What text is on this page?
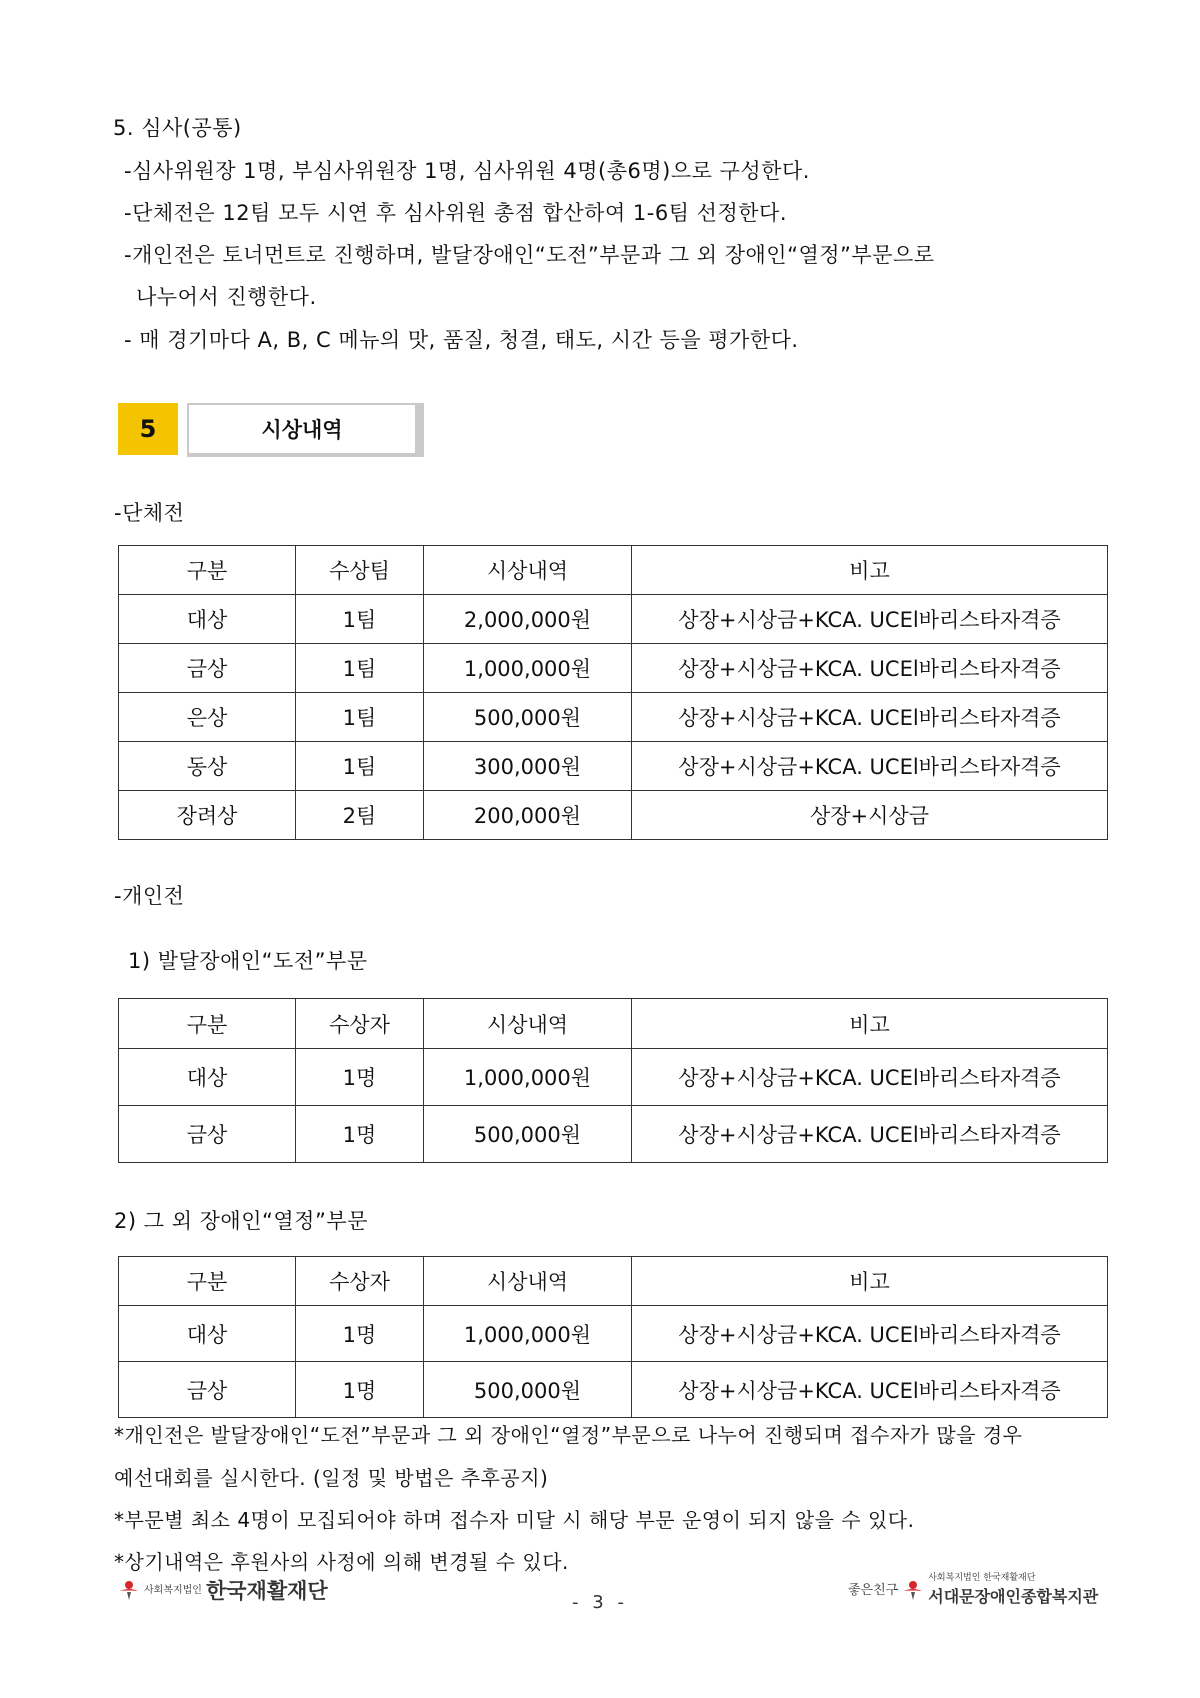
5. 심사(공통)
-심사위원장 1명, 부심사위원장 1명, 심사위원 4명(총6명)으로 구성한다.
-단체전은 12팀 모두 시연 후 심사위원 총점 합산하여 1-6팀 선정한다.
-개인전은 토너먼트로 진행하며, 발달장애인“도전”부문과 그 외 장애인“열정”부문으로
나누어서 진행한다.
- 매 경기마다 A, B, C 메뉴의 맛, 품질, 청결, 태도, 시간 등을 평가한다.
5	시상내역
-단체전
구분	수상팀	시상내역	비고
대상	1팀	2,000,000원	상장+시상금+KCA. UCEl바리스타자격증
금상	1팀	1,000,000원	상장+시상금+KCA. UCEl바리스타자격증
은상	1팀	500,000원	상장+시상금+KCA. UCEl바리스타자격증
동상	1팀	300,000원	상장+시상금+KCA. UCEl바리스타자격증
장려상	2팀	200,000원	상장+시상금
-개인전
1) 발달장애인“도전”부문
구분	수상자	시상내역	비고
대상	1명	1,000,000원	상장+시상금+KCA. UCEl바리스타자격증
금상	1명	500,000원	상장+시상금+KCA. UCEl바리스타자격증
2) 그 외 장애인“열정”부문
구분	수상자	시상내역	비고
대상	1명	1,000,000원	상장+시상금+KCA. UCEl바리스타자격증
금상	1명	500,000원	상장+시상금+KCA. UCEl바리스타자격증
*개인전은 발달장애인“도전”부문과 그 외 장애인“열정”부문으로 나누어 진행되며 접수자가 많을 경우
예선대회를 실시한다. (일정 및 방법은 추후공지)
*부문별 최소 4명이 모집되어야 하며 접수자 미달 시 해당 부문 운영이 되지 않을 수 있다.
*상기내역은 후원사의 사정에 의해 변경될 수 있다.
사회복지법인 한국재활재단	- 3 -
좋은친구
사회복지법인 한국재활재단
서대문장애인종합복지관
